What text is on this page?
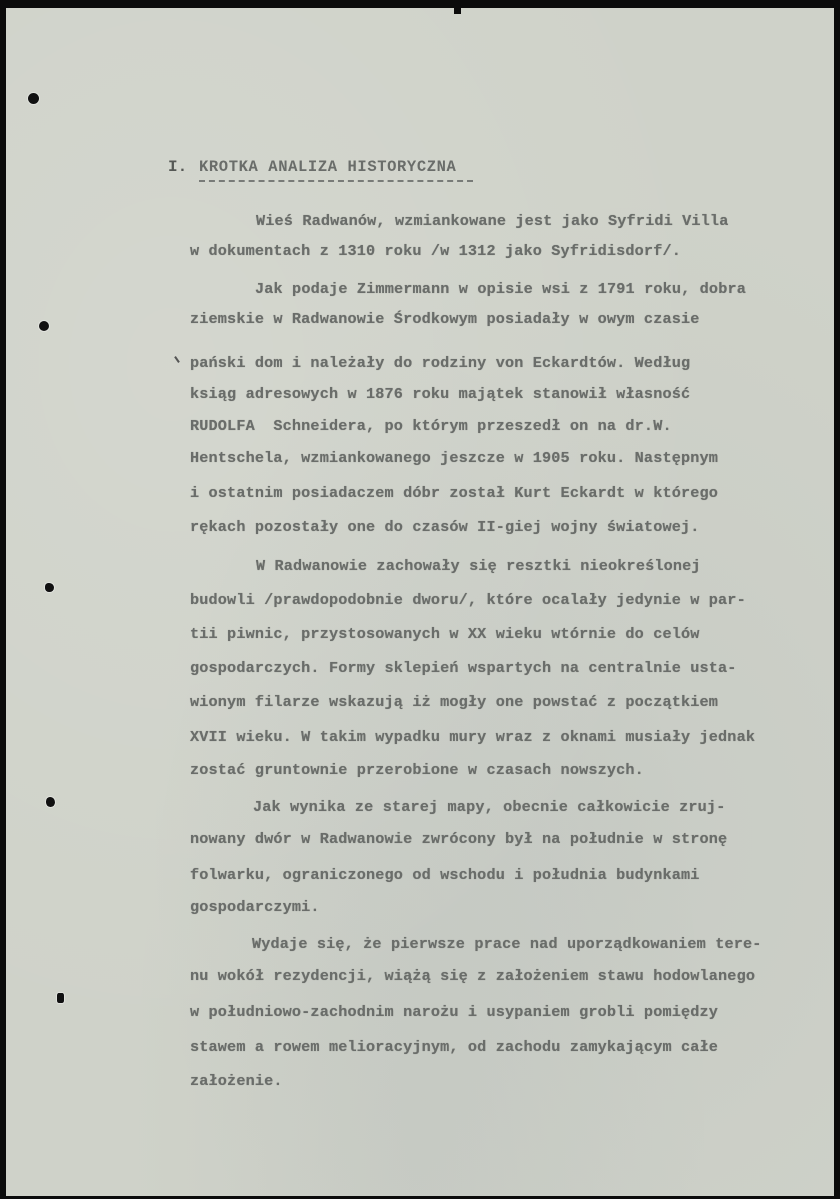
I. KROTKA ANALIZA HISTORYCZNA
Wieś Radwanów, wzmiankowane jest jako Syfridi Villa
w dokumentach z 1310 roku /w 1312 jako Syfridisdorf/.
Jak podaje Zimmermann w opisie wsi z 1791 roku, dobra
ziemskie w Radwanowie Środkowym posiadały w owym czasie
pański dom i należały do rodziny von Eckardtów. Według
ksiąg adresowych w 1876 roku majątek stanowił własność
RUDOLFA  Schneidera, po którym przeszedł on na dr.W.
Hentschela, wzmiankowanego jeszcze w 1905 roku. Następnym
i ostatnim posiadaczem dóbr został Kurt Eckardt w którego
rękach pozostały one do czasów II-giej wojny światowej.
W Radwanowie zachowały się resztki nieokreślonej
budowli /prawdopodobnie dworu/, które ocalały jedynie w par-
tii piwnic, przystosowanych w XX wieku wtórnie do celów
gospodarczych. Formy sklepień wspartych na centralnie usta-
wionym filarze wskazują iż mogły one powstać z początkiem
XVII wieku. W takim wypadku mury wraz z oknami musiały jednak
zostać gruntownie przerobione w czasach nowszych.
Jak wynika ze starej mapy, obecnie całkowicie zruj-
nowany dwór w Radwanowie zwrócony był na południe w stronę
folwarku, ograniczonego od wschodu i południa budynkami
gospodarczymi.
Wydaje się, że pierwsze prace nad uporządkowaniem tere-
nu wokół rezydencji, wiążą się z założeniem stawu hodowlanego
w południowo-zachodnim narożu i usypaniem grobli pomiędzy
stawem a rowem melioracyjnym, od zachodu zamykającym całe
założenie.
